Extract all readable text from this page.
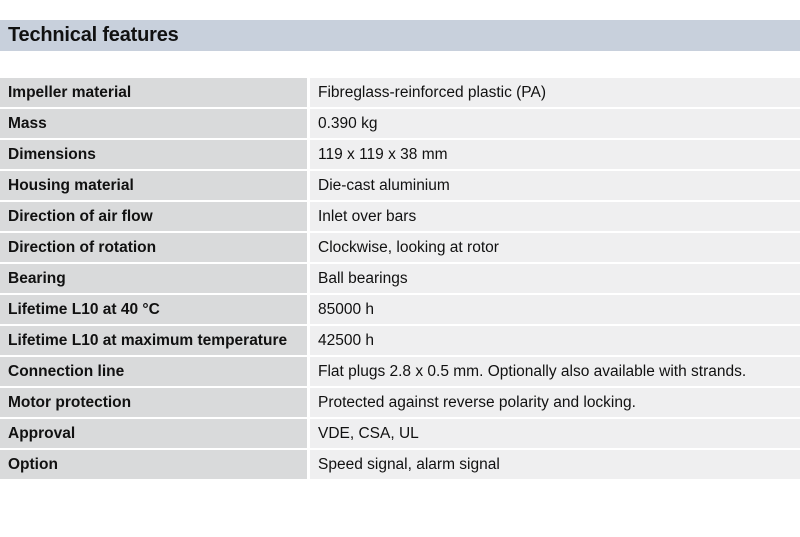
Technical features
Impeller material	Fibreglass-reinforced plastic (PA)
Mass	0.390 kg
Dimensions	119 x 119 x 38 mm
Housing material	Die-cast aluminium
Direction of air flow	Inlet over bars
Direction of rotation	Clockwise, looking at rotor
Bearing	Ball bearings
Lifetime L10 at 40 °C	85000 h
Lifetime L10 at maximum temperature	42500 h
Connection line	Flat plugs 2.8 x 0.5 mm. Optionally also available with strands.
Motor protection	Protected against reverse polarity and locking.
Approval	VDE, CSA, UL
Option	Speed signal, alarm signal
